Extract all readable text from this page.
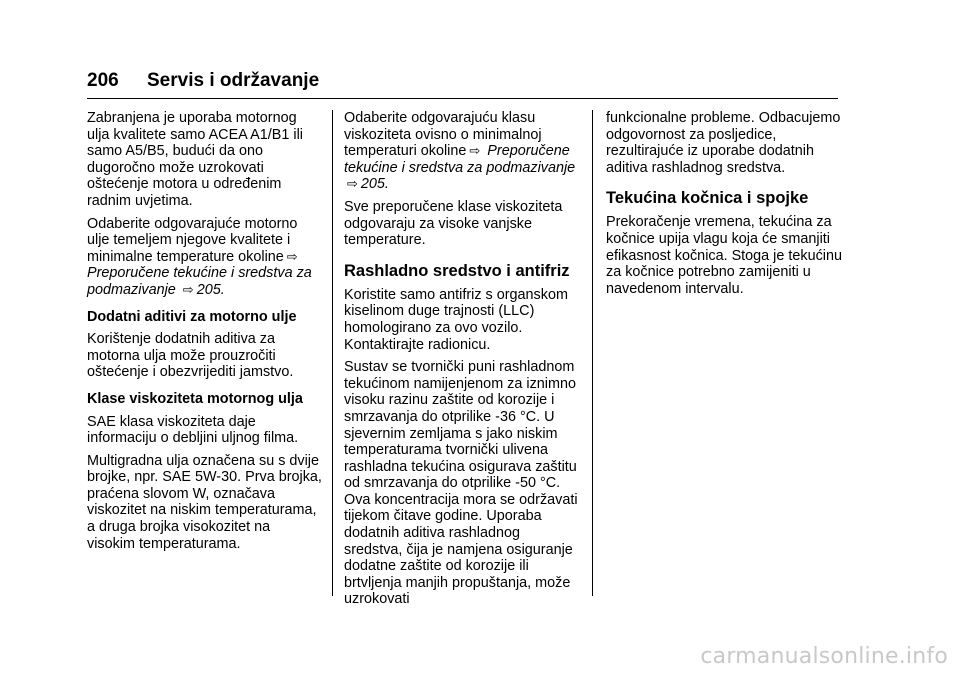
206 Servis i održavanje

Zabranjena je uporaba motornog ulja kvalitete samo ACEA A1/B1 ili samo A5/B5, budući da ono dugoročno može uzrokovati oštećenje motora u određenim radnim uvjetima.

Odaberite odgovarajuće motorno ulje temeljem njegove kvalitete i minimalne temperature okoline ⇨ Preporučene tekućine i sredstva za podmazivanje ⇨ 205.

Dodatni aditivi za motorno ulje

Korištenje dodatnih aditiva za motorna ulja može prouzročiti oštećenje i obezvrijediti jamstvo.

Klase viskoziteta motornog ulja

SAE klasa viskoziteta daje informaciju o debljini uljnog filma.

Multigradna ulja označena su s dvije brojke, npr. SAE 5W-30. Prva brojka, praćena slovom W, označava viskozitet na niskim temperaturama, a druga brojka visokozitet na visokim temperaturama.

Odaberite odgovarajuću klasu viskoziteta ovisno o minimalnoj temperaturi okoline ⇨ Preporučene tekućine i sredstva za podmazivanje ⇨ 205.

Sve preporučene klase viskoziteta odgovaraju za visoke vanjske temperature.

Rashladno sredstvo i antifriz

Koristite samo antifriz s organskom kiselinom duge trajnosti (LLC) homologirano za ovo vozilo. Kontaktirajte radionicu.

Sustav se tvornički puni rashladnom tekućinom namijenjenom za iznimno visoku razinu zaštite od korozije i smrzavanja do otprilike -36 °C. U sjevernim zemljama s jako niskim temperaturama tvornički ulivena rashladna tekućina osigurava zaštitu od smrzavanja do otprilike -50 °C. Ova koncentracija mora se održavati tijekom čitave godine. Uporaba dodatnih aditiva rashladnog sredstva, čija je namjena osiguranje dodatne zaštite od korozije ili brtvljenja manjih propuštanja, može uzrokovati

funkcionalne probleme. Odbacujemo odgovornost za posljedice, rezultirajuće iz uporabe dodatnih aditiva rashladnog sredstva.

Tekućina kočnica i spojke

Prekoračenje vremena, tekućina za kočnice upija vlagu koja će smanjiti efikasnost kočnica. Stoga je tekućinu za kočnice potrebno zamijeniti u navedenom intervalu.

carmanualsonline.info
